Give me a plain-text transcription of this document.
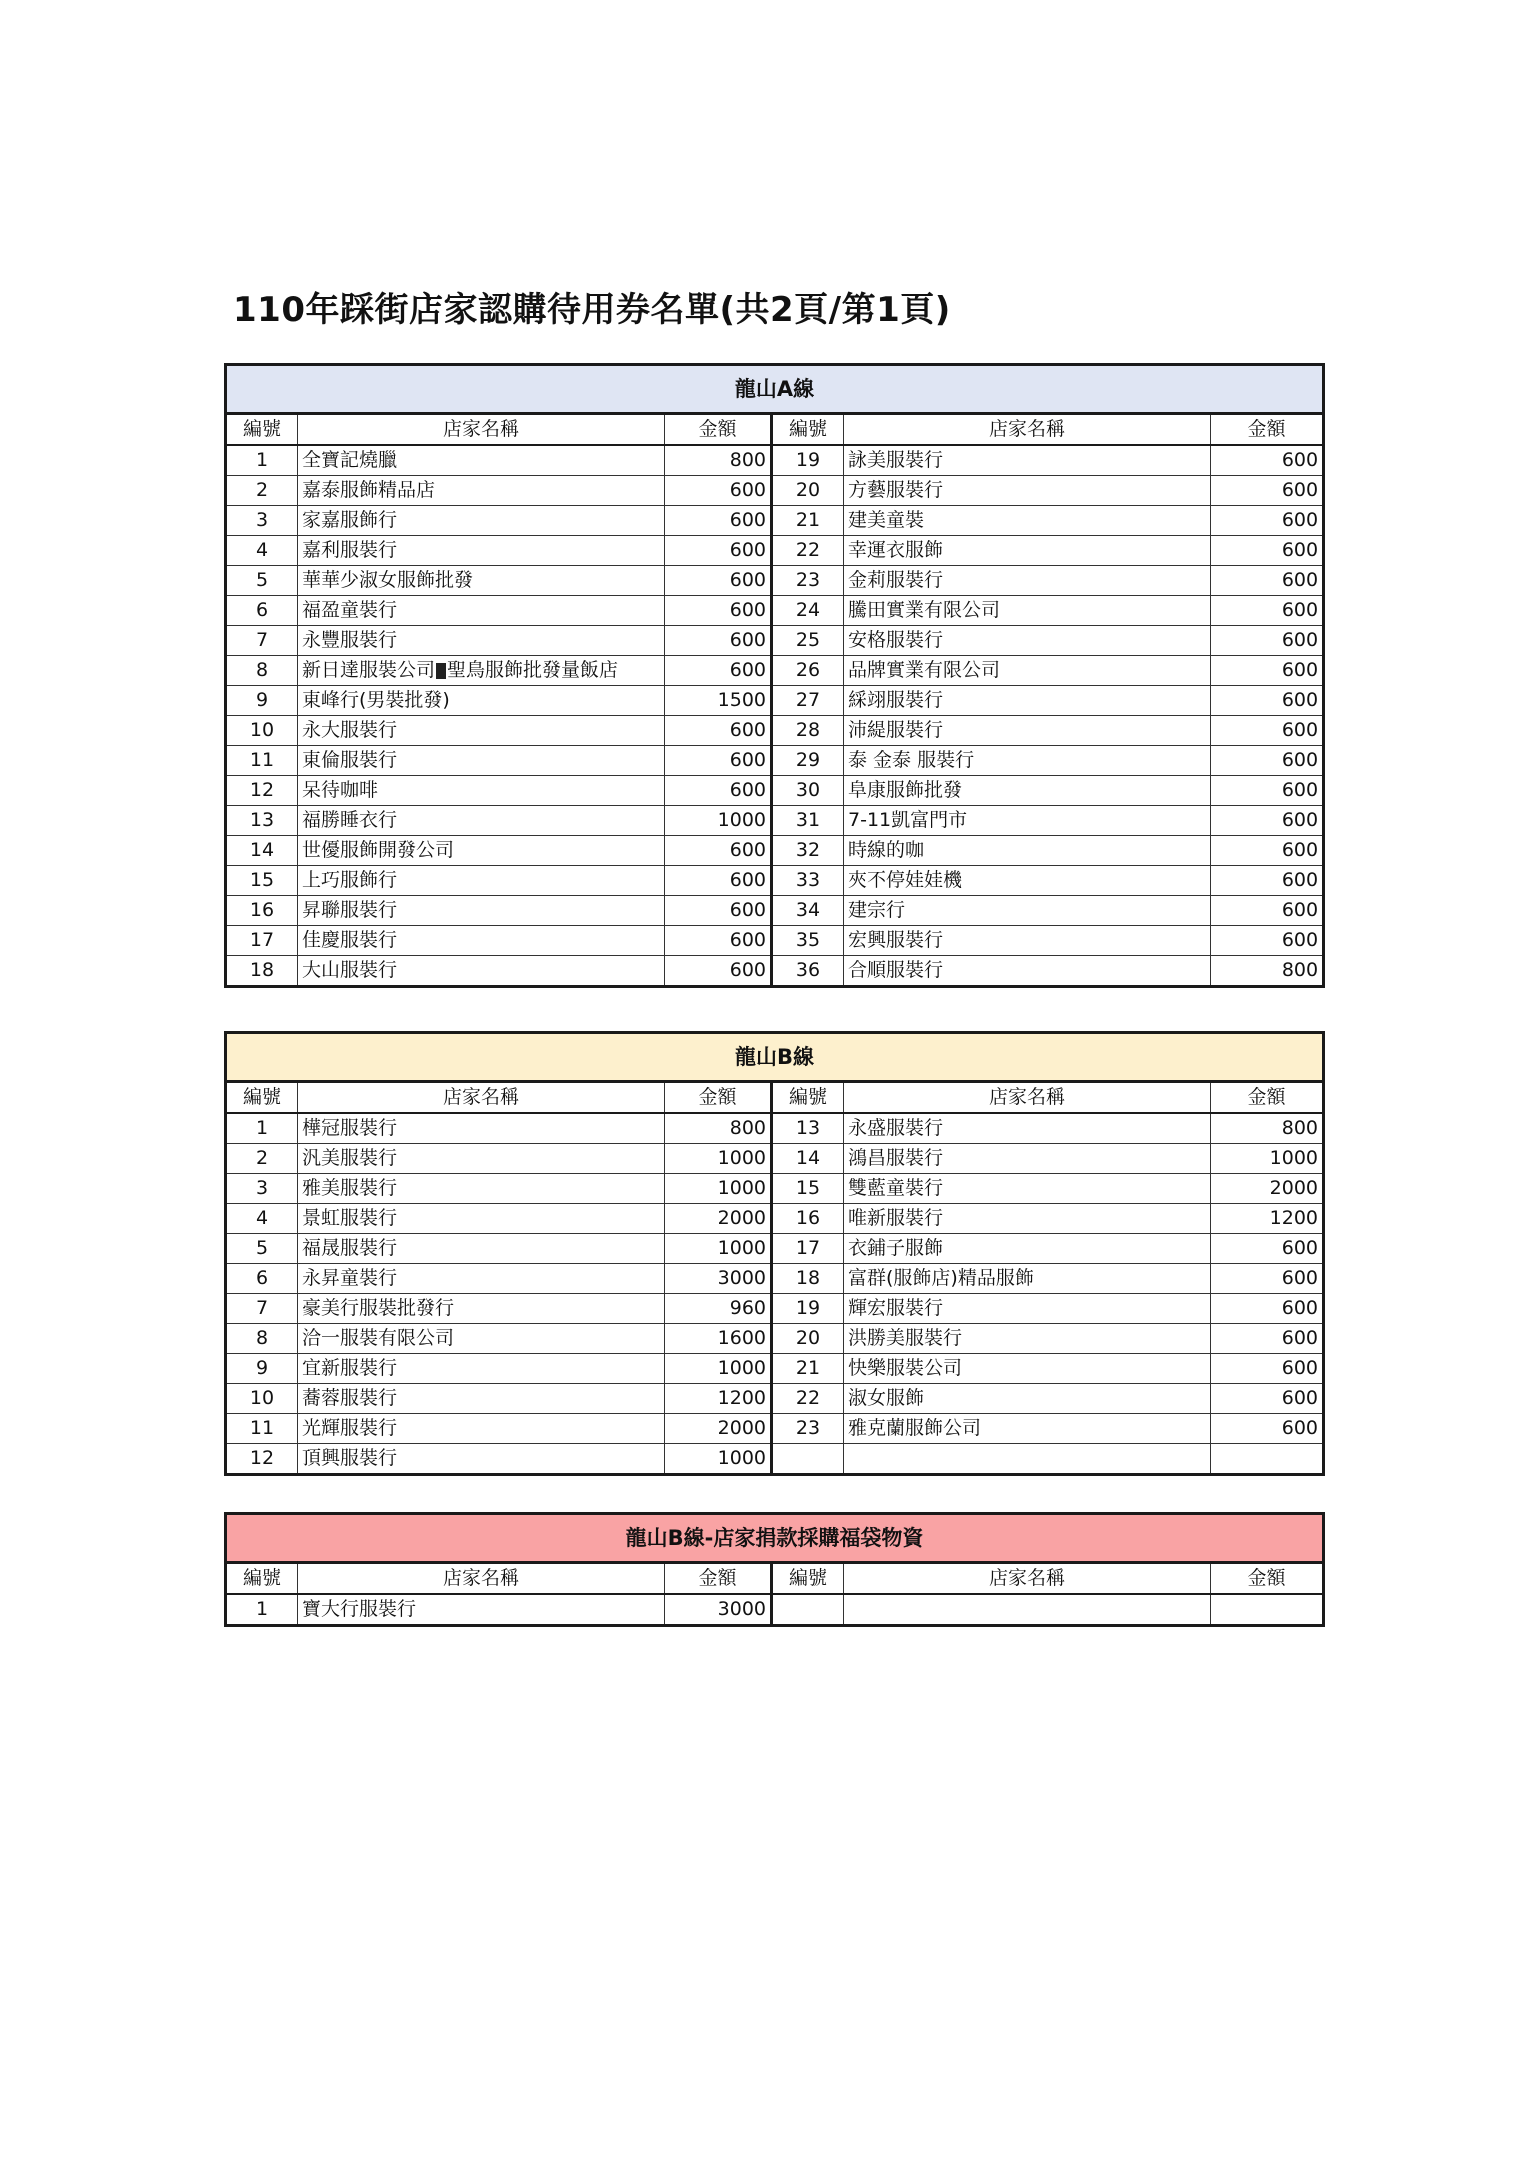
110年踩街店家認購待用券名單(共2頁/第1頁)
龍山A線					
編號	店家名稱	金額	編號	店家名稱	金額
1	全寶記燒臘	800	19	詠美服裝行	600
2	嘉泰服飾精品店	600	20	方藝服裝行	600
3	家嘉服飾行	600	21	建美童裝	600
4	嘉利服裝行	600	22	幸運衣服飾	600
5	華華少淑女服飾批發	600	23	金莉服裝行	600
6	福盈童裝行	600	24	騰田實業有限公司	600
7	永豐服裝行	600	25	安格服裝行	600
8	新日達服裝公司 聖鳥服飾批發量飯店	600	26	品牌實業有限公司	600
9	東峰行(男裝批發)	1500	27	綵翊服裝行	600
10	永大服裝行	600	28	沛緹服裝行	600
11	東倫服裝行	600	29	泰 金泰 服裝行	600
12	呆待咖啡	600	30	阜康服飾批發	600
13	福勝睡衣行	1000	31	7-11凱富門市	600
14	世優服飾開發公司	600	32	時線的咖	600
15	上巧服飾行	600	33	夾不停娃娃機	600
16	昇聯服裝行	600	34	建宗行	600
17	佳慶服裝行	600	35	宏興服裝行	600
18	大山服裝行	600	36	合順服裝行	800
龍山B線					
編號	店家名稱	金額	編號	店家名稱	金額
1	樺冠服裝行	800	13	永盛服裝行	800
2	汎美服裝行	1000	14	鴻昌服裝行	1000
3	雅美服裝行	1000	15	雙藍童裝行	2000
4	景虹服裝行	2000	16	唯新服裝行	1200
5	福晟服裝行	1000	17	衣鋪子服飾	600
6	永昇童裝行	3000	18	富群(服飾店)精品服飾	600
7	豪美行服裝批發行	960	19	輝宏服裝行	600
8	洽一服裝有限公司	1600	20	洪勝美服裝行	600
9	宜新服裝行	1000	21	快樂服裝公司	600
10	蕎蓉服裝行	1200	22	淑女服飾	600
11	光輝服裝行	2000	23	雅克蘭服飾公司	600
12	頂興服裝行	1000			
龍山B線-店家捐款採購福袋物資					
編號	店家名稱	金額	編號	店家名稱	金額
1	寶大行服裝行	3000			
